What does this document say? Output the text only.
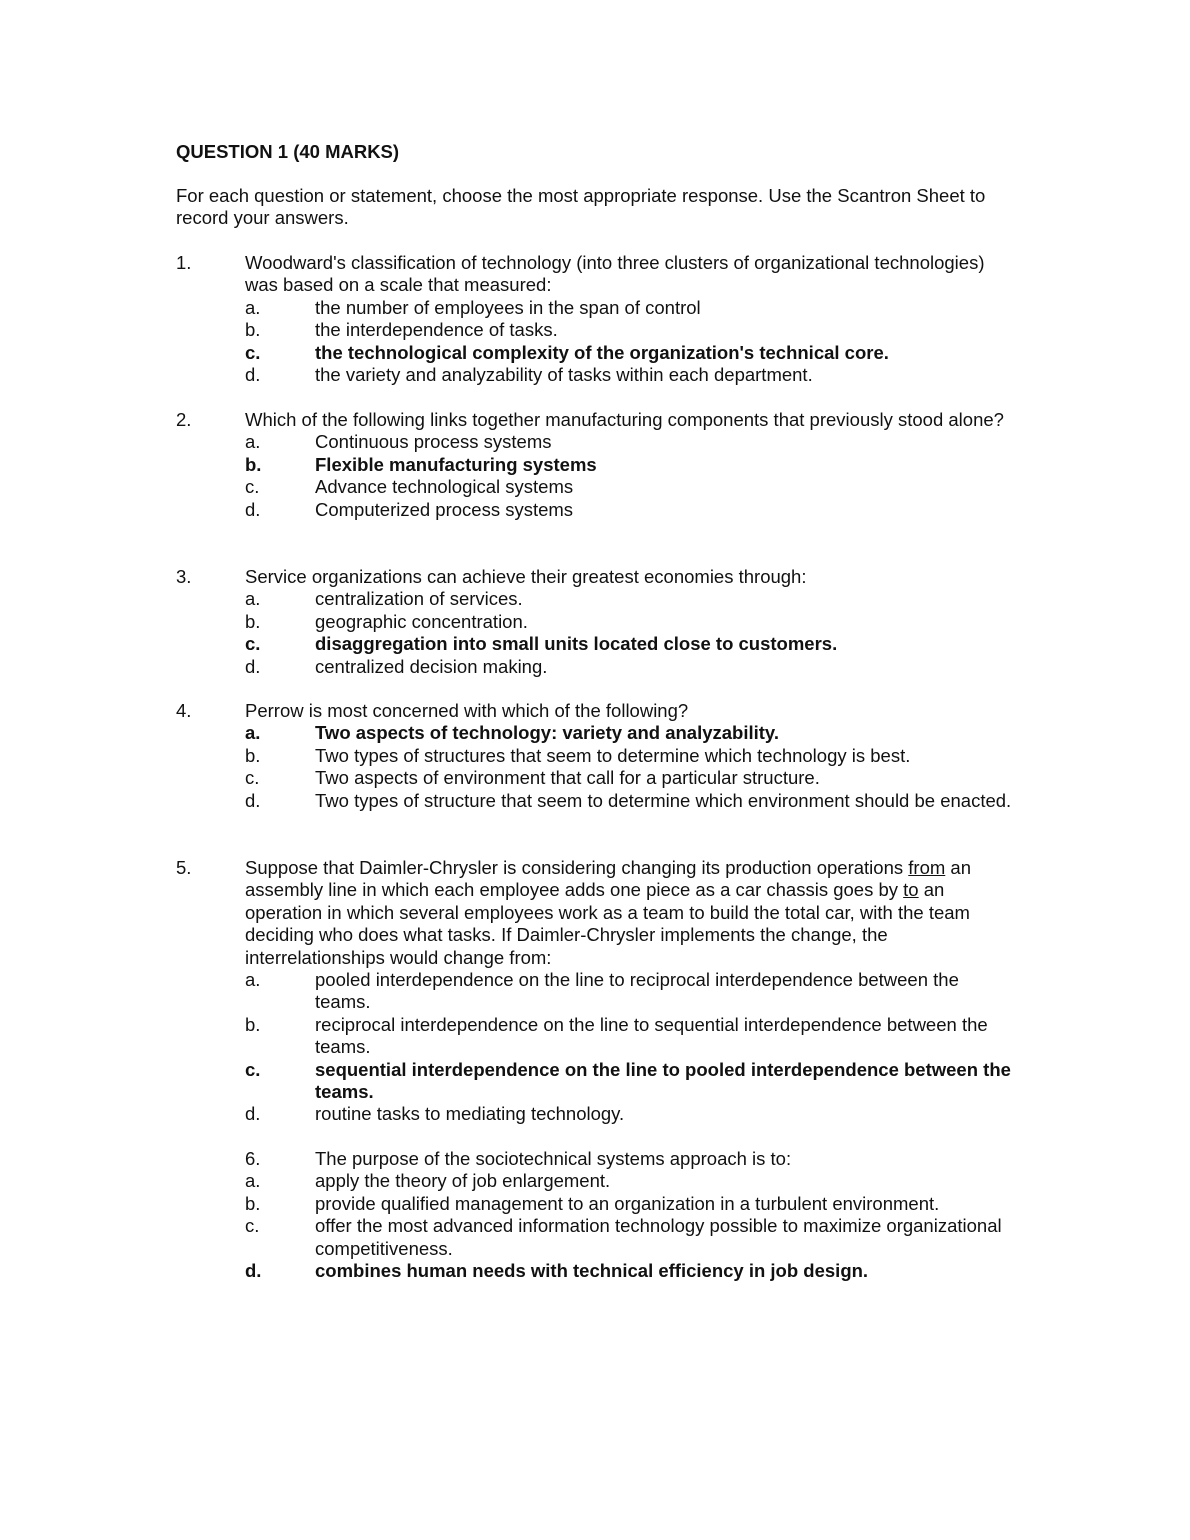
QUESTION 1 (40 MARKS)
For each question or statement, choose the most appropriate response. Use the Scantron Sheet to record your answers.
1.	Woodward's classification of technology (into three clusters of organizational technologies) was based on a scale that measured:
a.	the number of employees in the span of control
b.	the interdependence of tasks.
c.	the technological complexity of the organization's technical core.
d.	the variety and analyzability of tasks within each department.
2.	Which of the following links together manufacturing components that previously stood alone?
a.	Continuous process systems
b.	Flexible manufacturing systems
c.	Advance technological systems
d.	Computerized process systems
3.	Service organizations can achieve their greatest economies through:
a.	centralization of services.
b.	geographic concentration.
c.	disaggregation into small units located close to customers.
d.	centralized decision making.
4.	Perrow is most concerned with which of the following?
a.	Two aspects of technology: variety and analyzability.
b.	Two types of structures that seem to determine which technology is best.
c.	Two aspects of environment that call for a particular structure.
d.	Two types of structure that seem to determine which environment should be enacted.
5.	Suppose that Daimler-Chrysler is considering changing its production operations from an assembly line in which each employee adds one piece as a car chassis goes by to an operation in which several employees work as a team to build the total car, with the team deciding who does what tasks. If Daimler-Chrysler implements the change, the interrelationships would change from:
a.	pooled interdependence on the line to reciprocal interdependence between the teams.
b.	reciprocal interdependence on the line to sequential interdependence between the teams.
c.	sequential interdependence on the line to pooled interdependence between the teams.
d.	routine tasks to mediating technology.
6.	The purpose of the sociotechnical systems approach is to:
a.	apply the theory of job enlargement.
b.	provide qualified management to an organization in a turbulent environment.
c.	offer the most advanced information technology possible to maximize organizational competitiveness.
d.	combines human needs with technical efficiency in job design.
